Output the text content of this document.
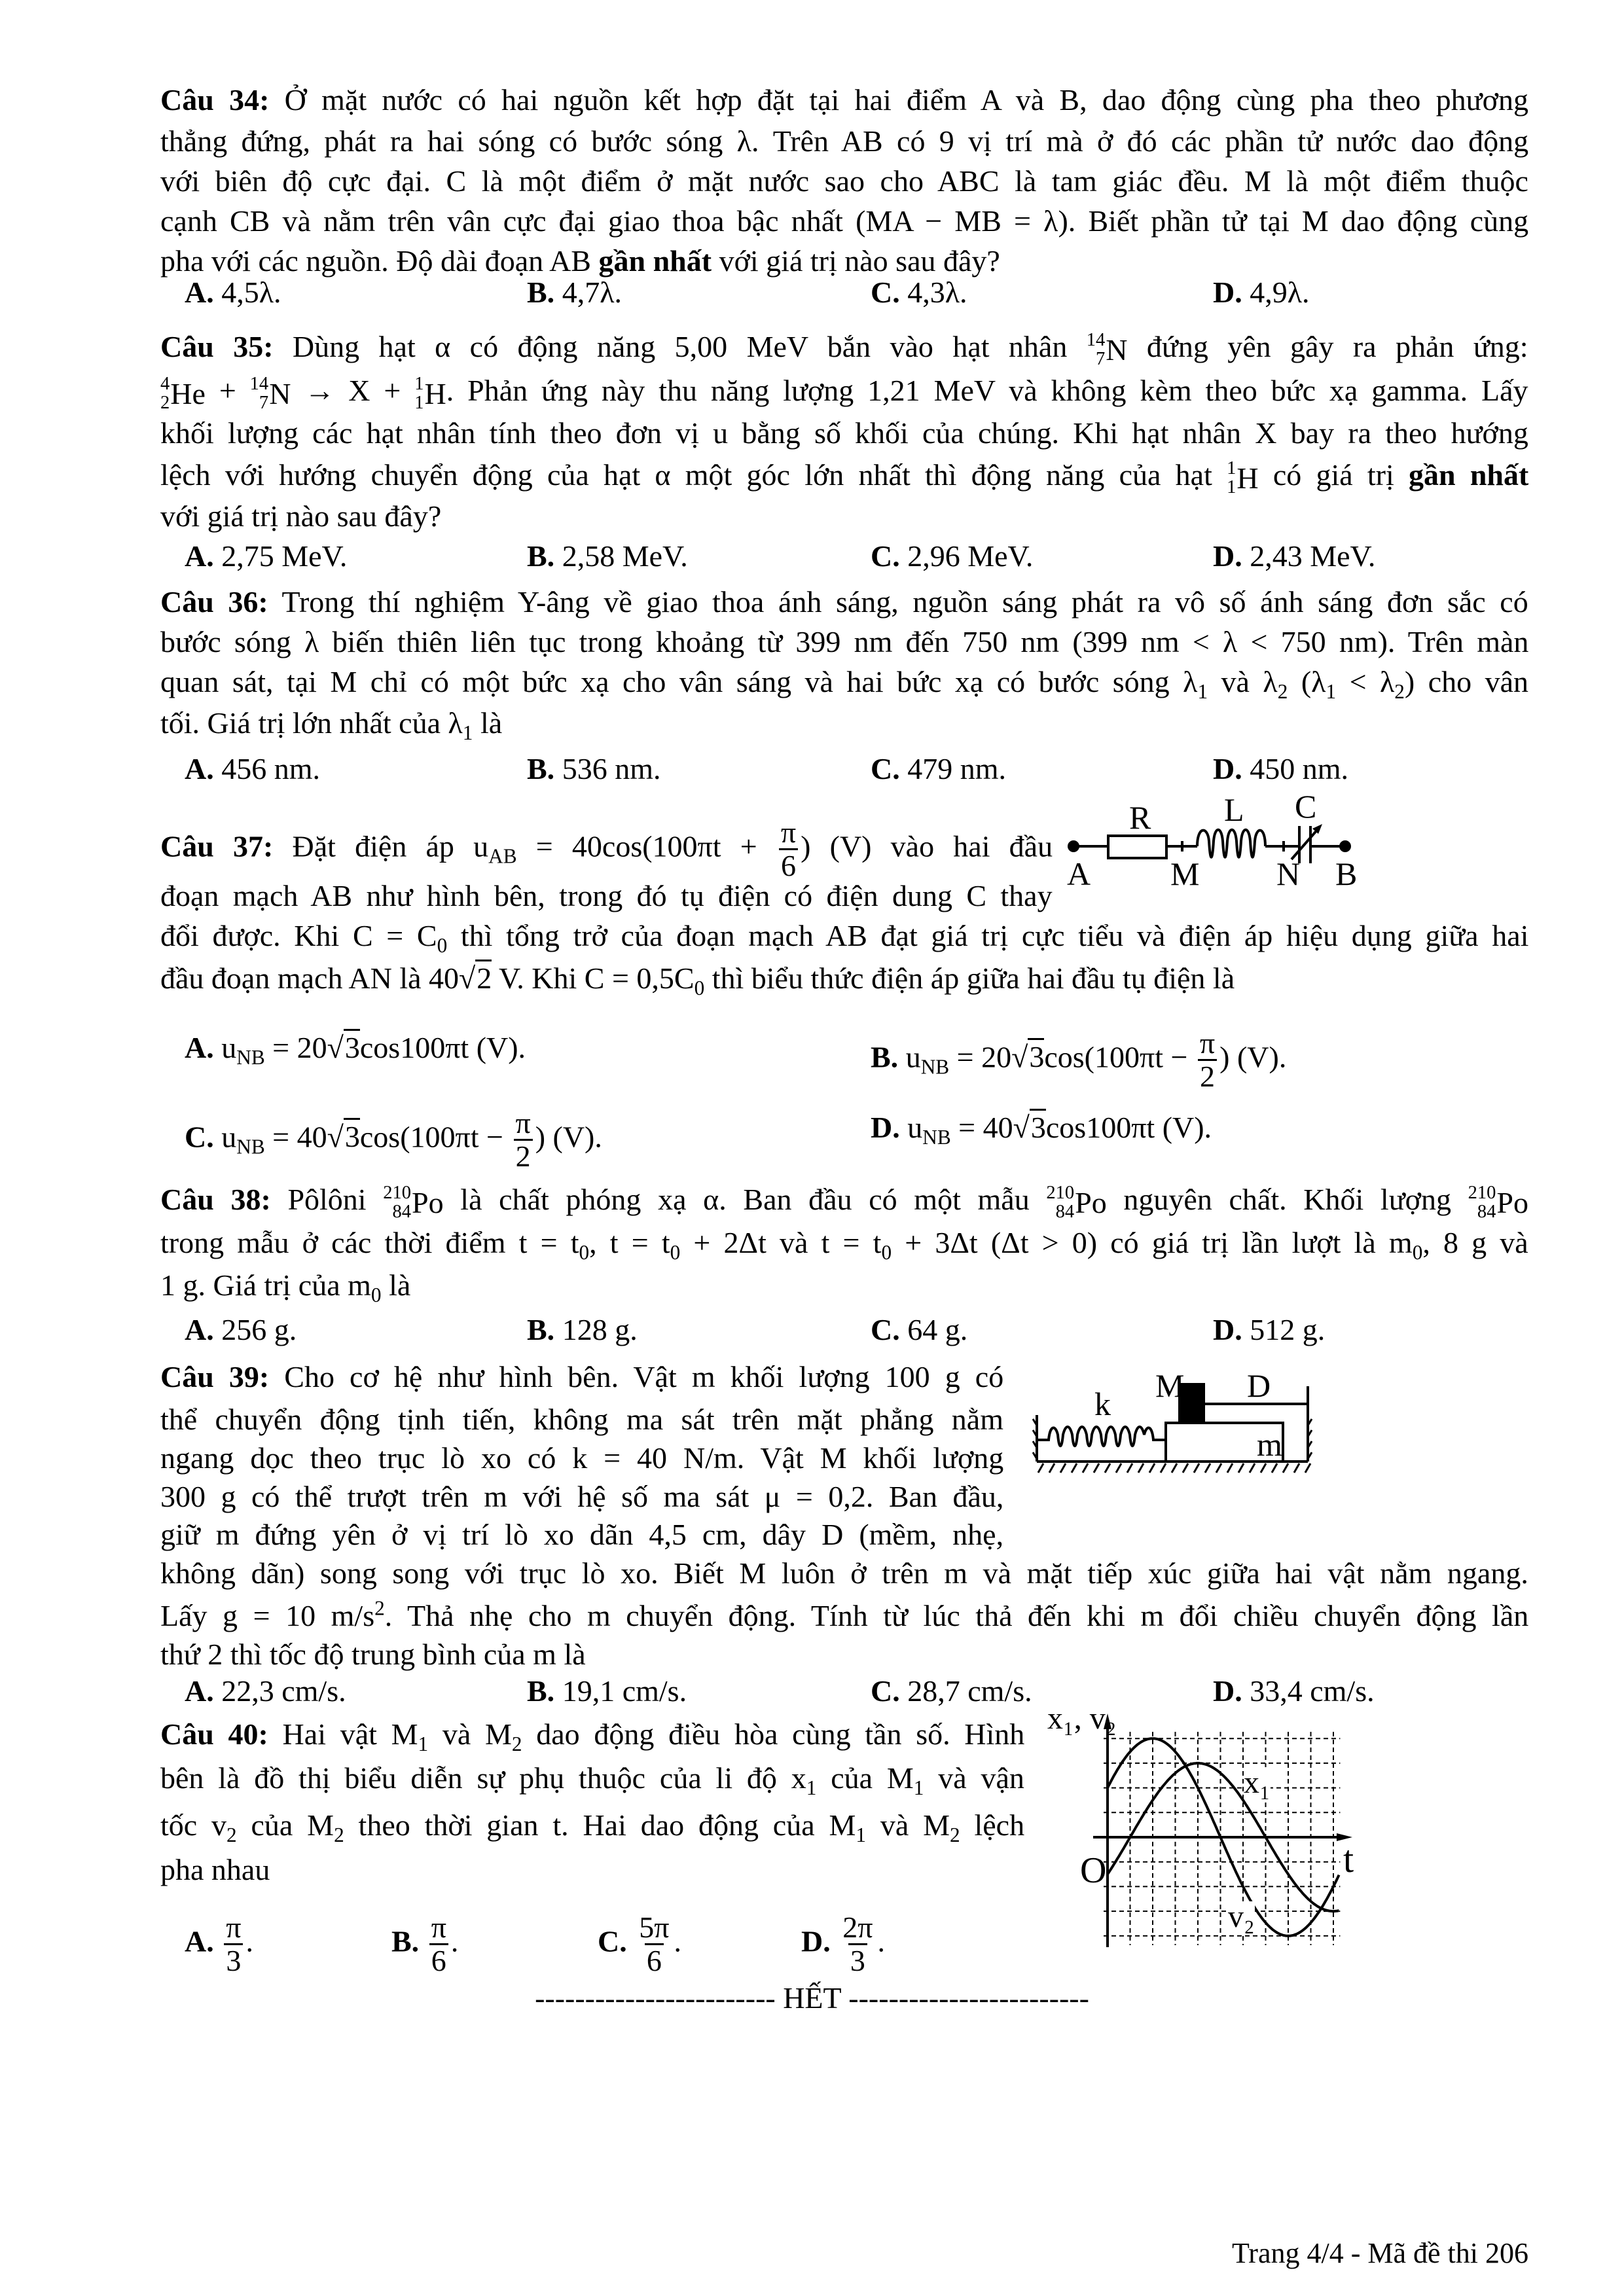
Câu 34: Ở mặt nước có hai nguồn kết hợp đặt tại hai điểm A và B, dao động cùng pha theo phương
thẳng đứng, phát ra hai sóng có bước sóng λ. Trên AB có 9 vị trí mà ở đó các phần tử nước dao động
với biên độ cực đại. C là một điểm ở mặt nước sao cho ABC là tam giác đều. M là một điểm thuộc
cạnh CB và nằm trên vân cực đại giao thoa bậc nhất (MA − MB = λ). Biết phần tử tại M dao động cùng
pha với các nguồn. Độ dài đoạn AB gần nhất với giá trị nào sau đây?
A. 4,5λ.	B. 4,7λ.	C. 4,3λ.	D. 4,9λ.
Câu 35: Dùng hạt α có động năng 5,00 MeV bắn vào hạt nhân 14
7 N đứng yên gây ra phản ứng:
4
2 He + 14
7 N → X + 1
1 H. Phản ứng này thu năng lượng 1,21 MeV và không kèm theo bức xạ gamma. Lấy
khối lượng các hạt nhân tính theo đơn vị u bằng số khối của chúng. Khi hạt nhân X bay ra theo hướng
lệch với hướng chuyển động của hạt α một góc lớn nhất thì động năng của hạt 1
1 H có giá trị gần nhất
với giá trị nào sau đây?
A. 2,75 MeV.	B. 2,58 MeV.	C. 2,96 MeV.	D. 2,43 MeV.
Câu 36: Trong thí nghiệm Y-âng về giao thoa ánh sáng, nguồn sáng phát ra vô số ánh sáng đơn sắc có
bước sóng λ biến thiên liên tục trong khoảng từ 399 nm đến 750 nm (399 nm < λ < 750 nm). Trên màn
quan sát, tại M chỉ có một bức xạ cho vân sáng và hai bức xạ có bước sóng $\lambda_1$ và $\lambda_2$ $(\lambda_1 < \lambda_2)$ cho vân
tối. Giá trị lớn nhất của $\lambda_1$ là
A. 456 nm.	B. 536 nm.	C. 479 nm.	D. 450 nm.
Câu 37: Đặt điện áp $u_{AB} = 40\cos(100\pi t + \frac{\pi}{6}$ ) (V) vào hai đầu
đoạn mạch AB như hình bên, trong đó tụ điện có điện dung C thay
đổi được. Khi $C = C_0$ thì tổng trở của đoạn mạch AB đạt giá trị cực tiểu và điện áp hiệu dụng giữa hai
đầu đoạn mạch AN là 40√2 V. Khi $C = 0,5C_0$ thì biểu thức điện áp giữa hai đầu tụ điện là
A. $u_{NB} = 20√3\cos 100\pi t$ (V).	B. $u_{NB} = 20√3\cos(100\pi t - \frac{\pi}{2}$ ) (V).
C. $u_{NB} = 40√3\cos(100\pi t - \frac{\pi}{2}$ ) (V).	D. $u_{NB} = 40√3\cos 100\pi t$ (V).
Câu 38: Pôlôni 210
84 Po là chất phóng xạ α. Ban đầu có một mẫu 210
84 Po nguyên chất. Khối lượng 210
84 Po
trong mẫu ở các thời điểm $t = t_0$, $t = t_0 + 2\Delta t$ và $t = t_0 + 3\Delta t$ (Δt > 0) có giá trị lần lượt là $m_0$, 8 g và
1 g. Giá trị của $m_0$ là
A. 256 g.	B. 128 g.	C. 64 g.	D. 512 g.
Câu 39: Cho cơ hệ như hình bên. Vật m khối lượng 100 g có
thể chuyển động tịnh tiến, không ma sát trên mặt phẳng nằm
ngang dọc theo trục lò xo có k = 40 N/m. Vật M khối lượng
300 g có thể trượt trên m với hệ số ma sát μ = 0,2. Ban đầu,
giữ m đứng yên ở vị trí lò xo dãn 4,5 cm, dây D (mềm, nhẹ,
không dãn) song song với trục lò xo. Biết M luôn ở trên m và mặt tiếp xúc giữa hai vật nằm ngang.
Lấy g = 10 $m/s^2$. Thả nhẹ cho m chuyển động. Tính từ lúc thả đến khi m đổi chiều chuyển động lần
thứ 2 thì tốc độ trung bình của m là
A. 22,3 cm/s.	B. 19,1 cm/s.	C. 28,7 cm/s.	D. 33,4 cm/s.
Câu 40: Hai vật $M_1$ và $M_2$ dao động điều hòa cùng tần số. Hình
bên là đồ thị biểu diễn sự phụ thuộc của li độ $x_1$ của $M_1$ và vận
tốc $v_2$ của $M_2$ theo thời gian t. Hai dao động của $M_1$ và $M_2$ lệch
pha nhau
A. $\frac{\pi}{3}$ .	B. $\frac{\pi}{6}$ .	C. $\frac{5\pi}{6}$ .	D. $\frac{2\pi}{3}$ .
R L C
A M N B
k M D
m
x₁, v₂
O	t
x₁
v₂
------------------------ HẾT ------------------------
Trang 4/4 - Mã đề thi 206
